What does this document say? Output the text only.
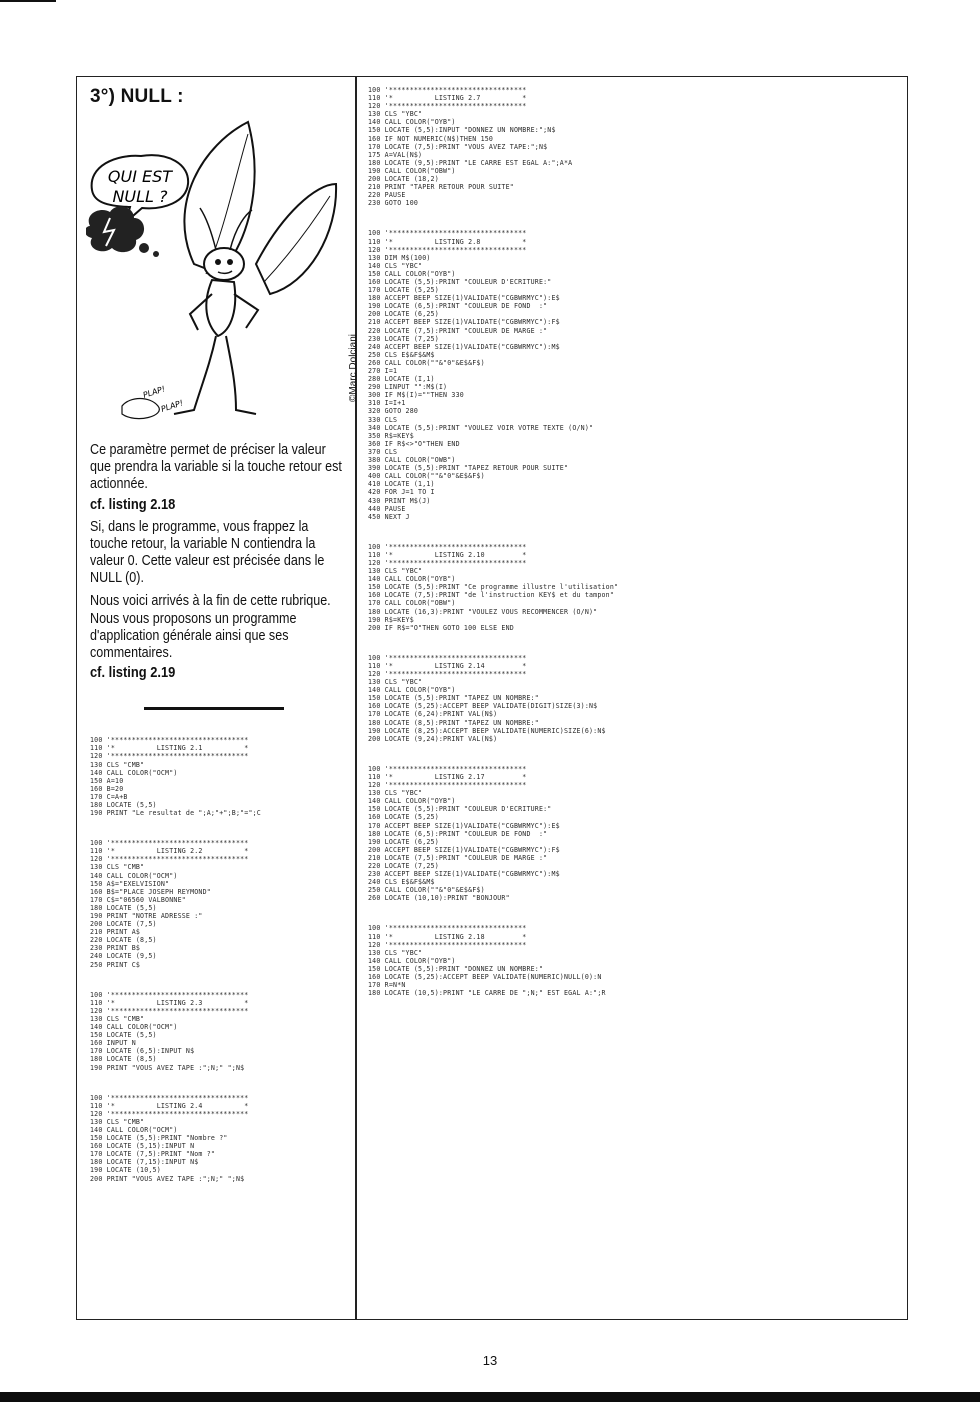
3°) NULL :
QUI EST
NULL ?
PLAP!
PLAP!
©Marc Dolciani
Ce paramètre permet de préciser la valeur que prendra la variable si la touche retour est actionnée.
cf. listing 2.18
Si, dans le programme, vous frappez la touche retour, la variable N contiendra la valeur 0. Cette valeur est précisée dans le NULL (0).
Nous voici arrivés à la fin de cette rubrique. Nous vous proposons un programme d'application générale ainsi que ses commentaires.
cf. listing 2.19
100 '*********************************
110 '*          LISTING 2.1          *
120 '*********************************
130 CLS "CMB"
140 CALL COLOR("OCM")
150 A=10
160 B=20
170 C=A+B
180 LOCATE (5,5)
190 PRINT "Le resultat de ";A;"+";B;"=";C
100 '*********************************
110 '*          LISTING 2.2          *
120 '*********************************
130 CLS "CMB"
140 CALL COLOR("OCM")
150 A$="EXELVISION"
160 B$="PLACE JOSEPH REYMOND"
170 C$="06560 VALBONNE"
180 LOCATE (5,5)
190 PRINT "NOTRE ADRESSE :"
200 LOCATE (7,5)
210 PRINT A$
220 LOCATE (8,5)
230 PRINT B$
240 LOCATE (9,5)
250 PRINT C$
100 '*********************************
110 '*          LISTING 2.3          *
120 '*********************************
130 CLS "CMB"
140 CALL COLOR("OCM")
150 LOCATE (5,5)
160 INPUT N
170 LOCATE (6,5):INPUT N$
180 LOCATE (8,5)
190 PRINT "VOUS AVEZ TAPE :";N;" ";N$
100 '*********************************
110 '*          LISTING 2.4          *
120 '*********************************
130 CLS "CMB"
140 CALL COLOR("OCM")
150 LOCATE (5,5):PRINT "Nombre ?"
160 LOCATE (5,15):INPUT N
170 LOCATE (7,5):PRINT "Nom ?"
180 LOCATE (7,15):INPUT N$
190 LOCATE (10,5)
200 PRINT "VOUS AVEZ TAPE :";N;" ";N$
100 '*********************************
110 '*          LISTING 2.7          *
120 '*********************************
130 CLS "YBC"
140 CALL COLOR("OYB")
150 LOCATE (5,5):INPUT "DONNEZ UN NOMBRE:";N$
160 IF NOT NUMERIC(N$)THEN 150
170 LOCATE (7,5):PRINT "VOUS AVEZ TAPE:";N$
175 A=VAL(N$)
180 LOCATE (9,5):PRINT "LE CARRE EST EGAL A:";A*A
190 CALL COLOR("OBW")
200 LOCATE (18,2)
210 PRINT "TAPER RETOUR POUR SUITE"
220 PAUSE
230 GOTO 100
100 '*********************************
110 '*          LISTING 2.8          *
120 '*********************************
130 DIM M$(100)
140 CLS "YBC"
150 CALL COLOR("OYB")
160 LOCATE (5,5):PRINT "COULEUR D'ECRITURE:"
170 LOCATE (5,25)
180 ACCEPT BEEP SIZE(1)VALIDATE("CGBWRMYC"):E$
190 LOCATE (6,5):PRINT "COULEUR DE FOND  :"
200 LOCATE (6,25)
210 ACCEPT BEEP SIZE(1)VALIDATE("CGBWRMYC"):F$
220 LOCATE (7,5):PRINT "COULEUR DE MARGE :"
230 LOCATE (7,25)
240 ACCEPT BEEP SIZE(1)VALIDATE("CGBWRMYC"):M$
250 CLS E$&F$&M$
260 CALL COLOR(""&"0"&E$&F$)
270 I=1
280 LOCATE (I,1)
290 LINPUT "":M$(I)
300 IF M$(I)=""THEN 330
310 I=I+1
320 GOTO 280
330 CLS
340 LOCATE (5,5):PRINT "VOULEZ VOIR VOTRE TEXTE (O/N)"
350 R$=KEY$
360 IF R$<>"O"THEN END
370 CLS
380 CALL COLOR("OWB")
390 LOCATE (5,5):PRINT "TAPEZ RETOUR POUR SUITE"
400 CALL COLOR(""&"0"&E$&F$)
410 LOCATE (1,1)
420 FOR J=1 TO I
430 PRINT M$(J)
440 PAUSE
450 NEXT J
100 '*********************************
110 '*          LISTING 2.10         *
120 '*********************************
130 CLS "YBC"
140 CALL COLOR("OYB")
150 LOCATE (5,5):PRINT "Ce programme illustre l'utilisation"
160 LOCATE (7,5):PRINT "de l'instruction KEY$ et du tampon"
170 CALL COLOR("OBW")
180 LOCATE (16,3):PRINT "VOULEZ VOUS RECOMMENCER (O/N)"
190 R$=KEY$
200 IF R$="O"THEN GOTO 100 ELSE END
100 '*********************************
110 '*          LISTING 2.14         *
120 '*********************************
130 CLS "YBC"
140 CALL COLOR("OYB")
150 LOCATE (5,5):PRINT "TAPEZ UN NOMBRE:"
160 LOCATE (5,25):ACCEPT BEEP VALIDATE(DIGIT)SIZE(3):N$
170 LOCATE (6,24):PRINT VAL(N$)
180 LOCATE (8,5):PRINT "TAPEZ UN NOMBRE:"
190 LOCATE (8,25):ACCEPT BEEP VALIDATE(NUMERIC)SIZE(6):N$
200 LOCATE (9,24):PRINT VAL(N$)
100 '*********************************
110 '*          LISTING 2.17         *
120 '*********************************
130 CLS "YBC"
140 CALL COLOR("OYB")
150 LOCATE (5,5):PRINT "COULEUR D'ECRITURE:"
160 LOCATE (5,25)
170 ACCEPT BEEP SIZE(1)VALIDATE("CGBWRMYC"):E$
180 LOCATE (6,5):PRINT "COULEUR DE FOND  :"
190 LOCATE (6,25)
200 ACCEPT BEEP SIZE(1)VALIDATE("CGBWRMYC"):F$
210 LOCATE (7,5):PRINT "COULEUR DE MARGE :"
220 LOCATE (7,25)
230 ACCEPT BEEP SIZE(1)VALIDATE("CGBWRMYC"):M$
240 CLS E$&F$&M$
250 CALL COLOR(""&"0"&E$&F$)
260 LOCATE (10,10):PRINT "BONJOUR"
100 '*********************************
110 '*          LISTING 2.18         *
120 '*********************************
130 CLS "YBC"
140 CALL COLOR("OYB")
150 LOCATE (5,5):PRINT "DONNEZ UN NOMBRE:"
160 LOCATE (5,25):ACCEPT BEEP VALIDATE(NUMERIC)NULL(0):N
170 R=N*N
180 LOCATE (10,5):PRINT "LE CARRE DE ";N;" EST EGAL A:";R
13
